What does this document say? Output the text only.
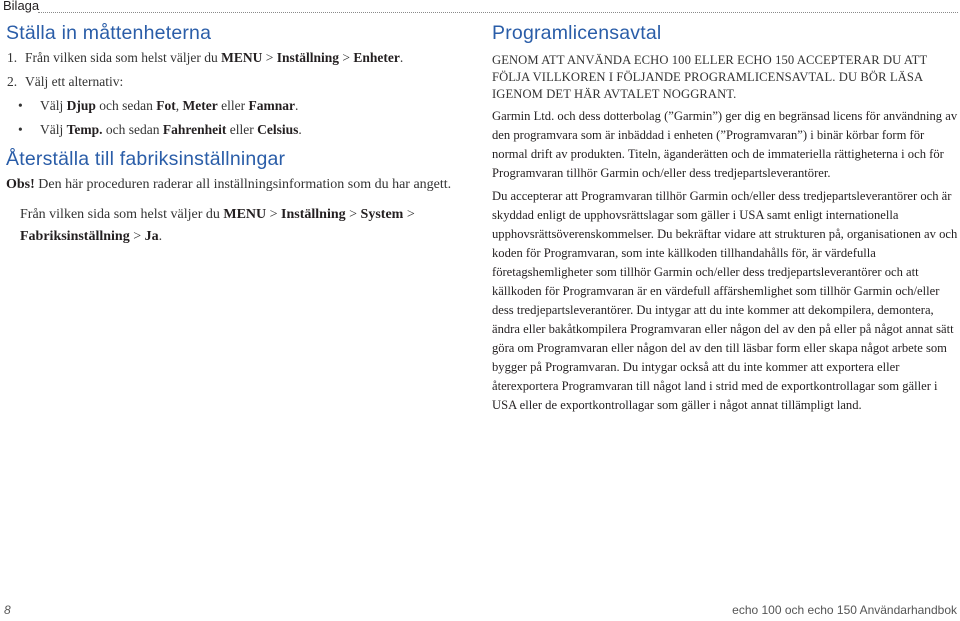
Bilaga
Ställa in måttenheterna
1. Från vilken sida som helst väljer du MENU > Inställning > Enheter.
2. Välj ett alternativ:
•	Välj Djup och sedan Fot, Meter eller Famnar.
•	Välj Temp. och sedan Fahrenheit eller Celsius.
Återställa till fabriksinställningar
Obs! Den här proceduren raderar all inställningsinformation som du har angett.
Från vilken sida som helst väljer du MENU > Inställning > System > Fabriksinställning > Ja.
Programlicensavtal
GENOM ATT ANVÄNDA ECHO 100 ELLER ECHO 150 ACCEPTERAR DU ATT FÖLJA VILLKOREN I FÖLJANDE PROGRAMLICENSAVTAL. DU BÖR LÄSA IGENOM DET HÄR AVTALET NOGGRANT.
Garmin Ltd. och dess dotterbolag (”Garmin”) ger dig en begränsad licens för användning av den programvara som är inbäddad i enheten (”Programvaran”) i binär körbar form för normal drift av produkten. Titeln, äganderätten och de immateriella rättigheterna i och för Programvaran tillhör Garmin och/eller dess tredjepartsleverantörer.
Du accepterar att Programvaran tillhör Garmin och/eller dess tredjepartsleverantörer och är skyddad enligt de upphovsrättslagar som gäller i USA samt enligt internationella upphovsrättsöverenskommelser. Du bekräftar vidare att strukturen på, organisationen av och koden för Programvaran, som inte källkoden tillhandahålls för, är värdefulla företagshemligheter som tillhör Garmin och/eller dess tredjepartsleverantörer och att källkoden för Programvaran är en värdefull affärshemlighet som tillhör Garmin och/eller dess tredjepartsleverantörer. Du intygar att du inte kommer att dekompilera, demontera, ändra eller bakåtkompilera Programvaran eller någon del av den på eller på något annat sätt göra om Programvaran eller någon del av den till läsbar form eller skapa något arbete som bygger på Programvaran. Du intygar också att du inte kommer att exportera eller återexportera Programvaran till något land i strid med de exportkontrollagar som gäller i USA eller de exportkontrollagar som gäller i något annat tillämpligt land.
8	echo 100 och echo 150 Användarhandbok
